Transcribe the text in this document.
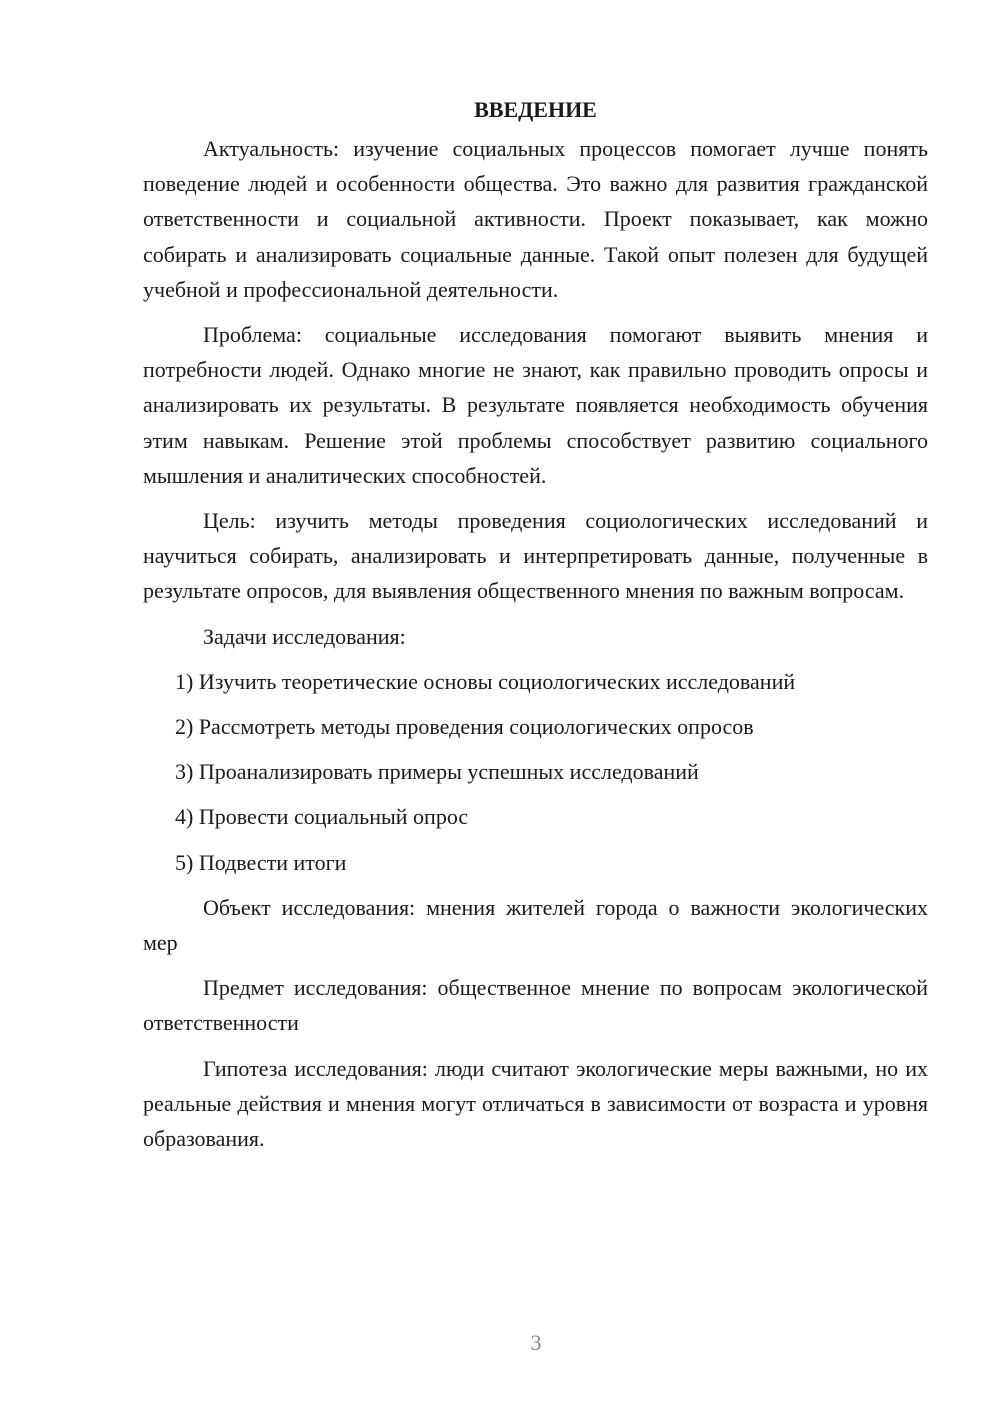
ВВЕДЕНИЕ

Актуальность: изучение социальных процессов помогает лучше понять поведение людей и особенности общества. Это важно для развития гражданской ответственности и социальной активности. Проект показывает, как можно собирать и анализировать социальные данные. Такой опыт полезен для будущей учебной и профессиональной деятельности.

Проблема: социальные исследования помогают выявить мнения и потребности людей. Однако многие не знают, как правильно проводить опросы и анализировать их результаты. В результате появляется необходимость обучения этим навыкам. Решение этой проблемы способствует развитию социального мышления и аналитических способностей.

Цель: изучить методы проведения социологических исследований и научиться собирать, анализировать и интерпретировать данные, полученные в результате опросов, для выявления общественного мнения по важным вопросам.

Задачи исследования:

1) Изучить теоретические основы социологических исследований
2) Рассмотреть методы проведения социологических опросов
3) Проанализировать примеры успешных исследований
4) Провести социальный опрос
5) Подвести итоги

Объект исследования: мнения жителей города о важности экологических мер

Предмет исследования: общественное мнение по вопросам экологической ответственности

Гипотеза исследования: люди считают экологические меры важными, но их реальные действия и мнения могут отличаться в зависимости от возраста и уровня образования.

3
